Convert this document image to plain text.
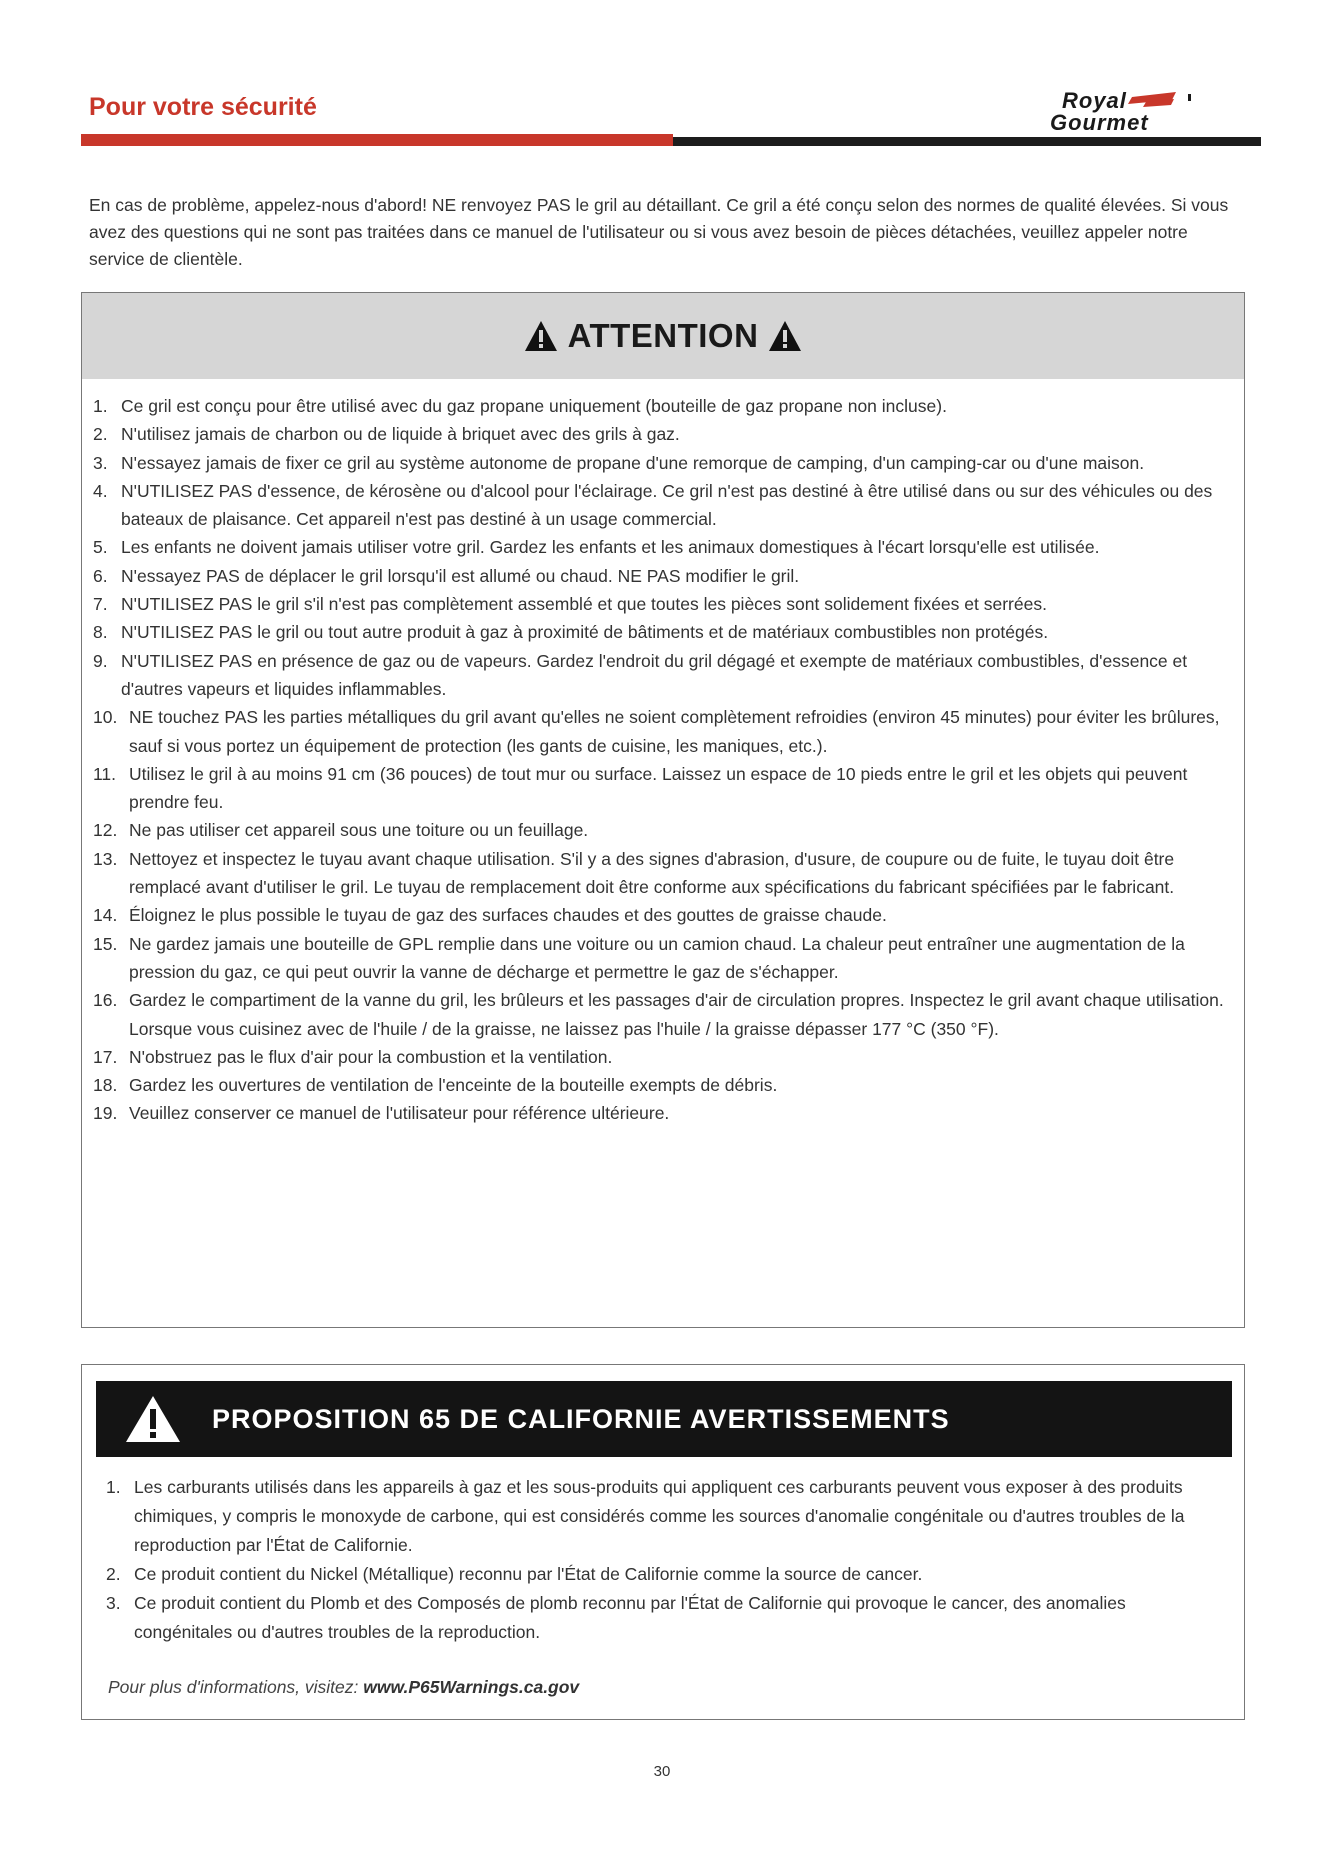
Pour votre sécurité	Royal
Gourmet

En cas de problème, appelez-nous d'abord! NE renvoyez PAS le gril au détaillant. Ce gril a été conçu selon des normes de qualité élevées. Si vous avez des questions qui ne sont pas traitées dans ce manuel de l'utilisateur ou si vous avez besoin de pièces détachées, veuillez appeler notre service de clientèle.

ATTENTION
1. Ce gril est conçu pour être utilisé avec du gaz propane uniquement (bouteille de gaz propane non incluse).
2. N'utilisez jamais de charbon ou de liquide à briquet avec des grils à gaz.
3. N'essayez jamais de fixer ce gril au système autonome de propane d'une remorque de camping, d'un camping-car ou d'une maison.
4. N'UTILISEZ PAS d'essence, de kérosène ou d'alcool pour l'éclairage. Ce gril n'est pas destiné à être utilisé dans ou sur des véhicules ou des bateaux de plaisance. Cet appareil n'est pas destiné à un usage commercial.
5. Les enfants ne doivent jamais utiliser votre gril. Gardez les enfants et les animaux domestiques à l'écart lorsqu'elle est utilisée.
6. N'essayez PAS de déplacer le gril lorsqu'il est allumé ou chaud. NE PAS modifier le gril.
7. N'UTILISEZ PAS le gril s'il n'est pas complètement assemblé et que toutes les pièces sont solidement fixées et serrées.
8. N'UTILISEZ PAS le gril ou tout autre produit à gaz à proximité de bâtiments et de matériaux combustibles non protégés.
9. N'UTILISEZ PAS en présence de gaz ou de vapeurs. Gardez l'endroit du gril dégagé et exempte de matériaux combustibles, d'essence et d'autres vapeurs et liquides inflammables.
10. NE touchez PAS les parties métalliques du gril avant qu'elles ne soient complètement refroidies (environ 45 minutes) pour éviter les brûlures, sauf si vous portez un équipement de protection (les gants de cuisine, les maniques, etc.).
11. Utilisez le gril à au moins 91 cm (36 pouces) de tout mur ou surface. Laissez un espace de 10 pieds entre le gril et les objets qui peuvent prendre feu.
12. Ne pas utiliser cet appareil sous une toiture ou un feuillage.
13. Nettoyez et inspectez le tuyau avant chaque utilisation. S'il y a des signes d'abrasion, d'usure, de coupure ou de fuite, le tuyau doit être remplacé avant d'utiliser le gril. Le tuyau de remplacement doit être conforme aux spécifications du fabricant spécifiées par le fabricant.
14. Éloignez le plus possible le tuyau de gaz des surfaces chaudes et des gouttes de graisse chaude.
15. Ne gardez jamais une bouteille de GPL remplie dans une voiture ou un camion chaud. La chaleur peut entraîner une augmentation de la pression du gaz, ce qui peut ouvrir la vanne de décharge et permettre le gaz de s'échapper.
16. Gardez le compartiment de la vanne du gril, les brûleurs et les passages d'air de circulation propres. Inspectez le gril avant chaque utilisation. Lorsque vous cuisinez avec de l'huile / de la graisse, ne laissez pas l'huile / la graisse dépasser 177 °C (350 °F).
17. N'obstruez pas le flux d'air pour la combustion et la ventilation.
18. Gardez les ouvertures de ventilation de l'enceinte de la bouteille exempts de débris.
19. Veuillez conserver ce manuel de l'utilisateur pour référence ultérieure.
PROPOSITION 65 DE CALIFORNIE AVERTISSEMENTS
1. Les carburants utilisés dans les appareils à gaz et les sous-produits qui appliquent ces carburants peuvent vous exposer à des produits chimiques, y compris le monoxyde de carbone, qui est considérés comme les sources d'anomalie congénitale ou d'autres troubles de la reproduction par l'État de Californie.
2. Ce produit contient du Nickel (Métallique) reconnu par l'État de Californie comme la source de cancer.
3. Ce produit contient du Plomb et des Composés de plomb reconnu par l'État de Californie qui provoque le cancer, des anomalies congénitales ou d'autres troubles de la reproduction.

Pour plus d'informations, visitez: www.P65Warnings.ca.gov

30
